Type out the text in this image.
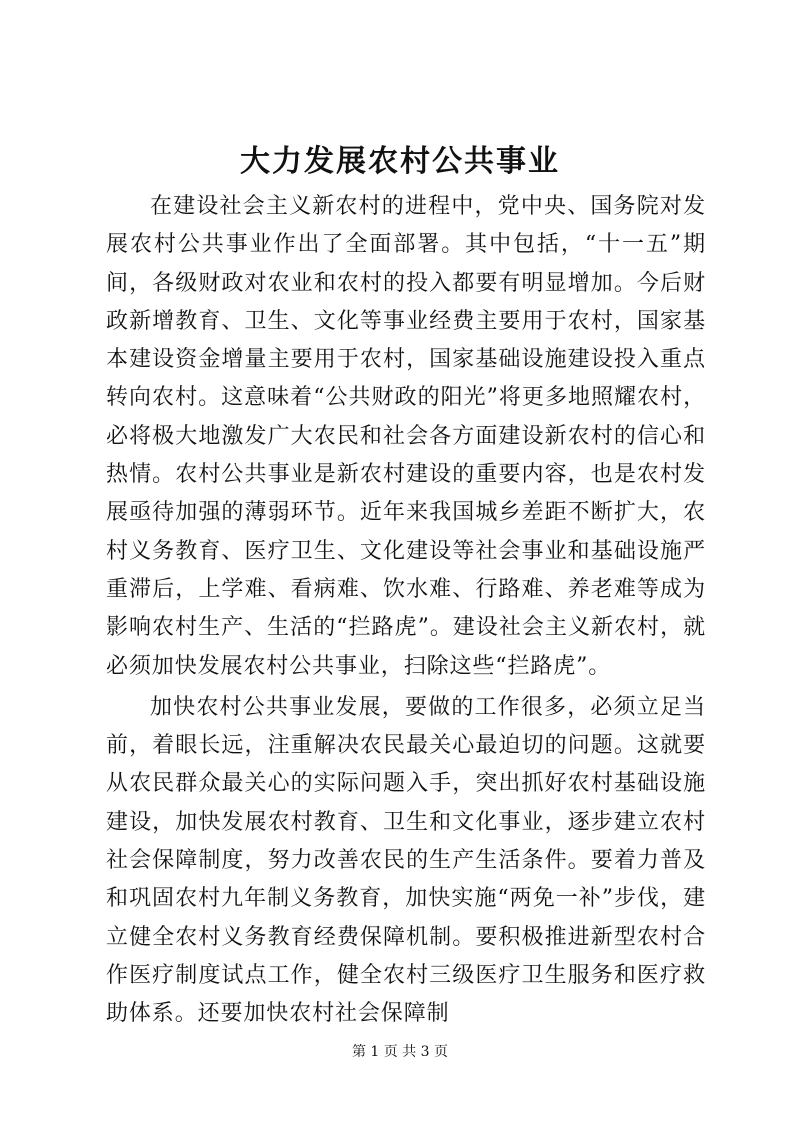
大力发展农村公共事业

在建设社会主义新农村的进程中，党中央、国务院对发展农村公共事业作出了全面部署。其中包括，“十一五”期间，各级财政对农业和农村的投入都要有明显增加。今后财政新增教育、卫生、文化等事业经费主要用于农村，国家基本建设资金增量主要用于农村，国家基础设施建设投入重点转向农村。这意味着“公共财政的阳光”将更多地照耀农村，必将极大地激发广大农民和社会各方面建设新农村的信心和热情。农村公共事业是新农村建设的重要内容，也是农村发展亟待加强的薄弱环节。近年来我国城乡差距不断扩大，农村义务教育、医疗卫生、文化建设等社会事业和基础设施严重滞后，上学难、看病难、饮水难、行路难、养老难等成为影响农村生产、生活的“拦路虎”。建设社会主义新农村，就必须加快发展农村公共事业，扫除这些“拦路虎”。

加快农村公共事业发展，要做的工作很多，必须立足当前，着眼长远，注重解决农民最关心最迫切的问题。这就要从农民群众最关心的实际问题入手，突出抓好农村基础设施建设，加快发展农村教育、卫生和文化事业，逐步建立农村社会保障制度，努力改善农民的生产生活条件。要着力普及和巩固农村九年制义务教育，加快实施“两免一补”步伐，建立健全农村义务教育经费保障机制。要积极推进新型农村合作医疗制度试点工作，健全农村三级医疗卫生服务和医疗救助体系。还要加快农村社会保障制

第 1 页 共 3 页
